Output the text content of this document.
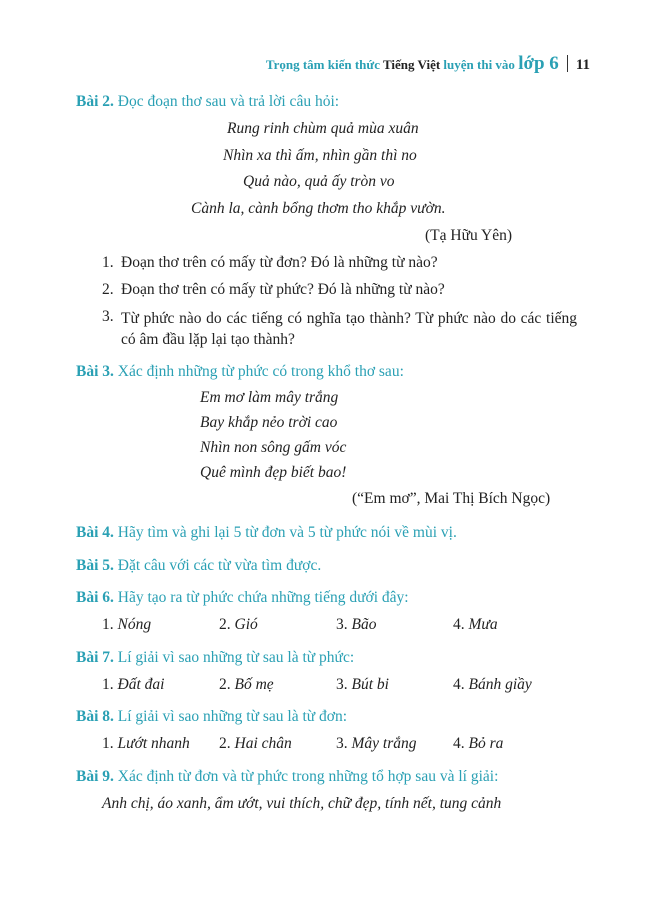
Trọng tâm kiến thức Tiếng Việt luyện thi vào lớp 6 11
Bài 2. Đọc đoạn thơ sau và trả lời câu hỏi:
Rung rinh chùm quả mùa xuân
Nhìn xa thì ấm, nhìn gần thì no
Quả nào, quả ấy tròn vo
Cành la, cành bổng thơm tho khắp vườn.
(Tạ Hữu Yên)
1. Đoạn thơ trên có mấy từ đơn? Đó là những từ nào?
2. Đoạn thơ trên có mấy từ phức? Đó là những từ nào?
3. Từ phức nào do các tiếng có nghĩa tạo thành? Từ phức nào do các tiếng có âm đầu lặp lại tạo thành?
Bài 3. Xác định những từ phức có trong khổ thơ sau:
Em mơ làm mây trắng
Bay khắp nẻo trời cao
Nhìn non sông gấm vóc
Quê mình đẹp biết bao!
(“Em mơ”, Mai Thị Bích Ngọc)
Bài 4. Hãy tìm và ghi lại 5 từ đơn và 5 từ phức nói về mùi vị.
Bài 5. Đặt câu với các từ vừa tìm được.
Bài 6. Hãy tạo ra từ phức chứa những tiếng dưới đây:
1. Nóng	2. Gió	3. Bão	4. Mưa
Bài 7. Lí giải vì sao những từ sau là từ phức:
1. Đất đai	2. Bố mẹ	3. Bút bi	4. Bánh giầy
Bài 8. Lí giải vì sao những từ sau là từ đơn:
1. Lướt nhanh 2. Hai chân	3. Mây trắng 4. Bỏ ra
Bài 9. Xác định từ đơn và từ phức trong những tổ hợp sau và lí giải:
Anh chị, áo xanh, ẩm ướt, vui thích, chữ đẹp, tính nết, tung cảnh
